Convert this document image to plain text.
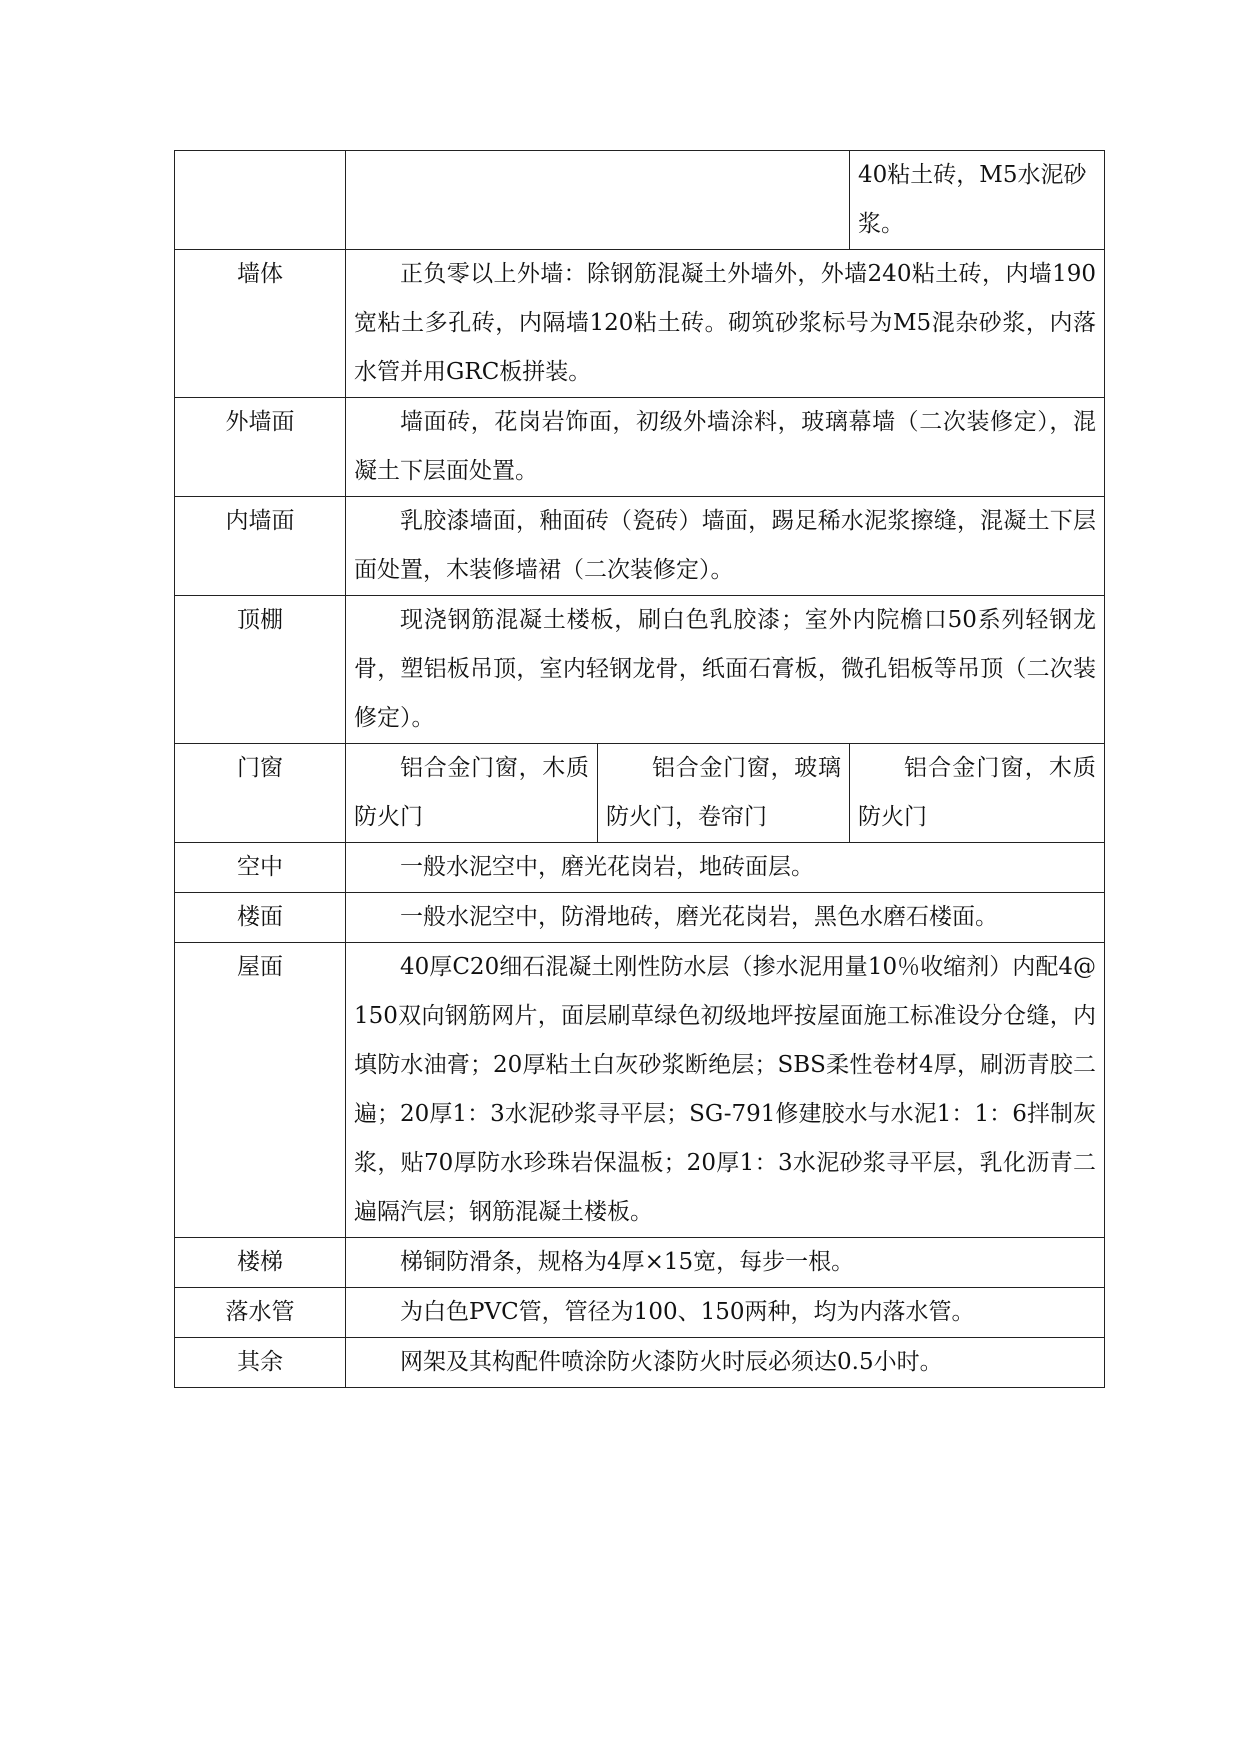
			40粘土砖，M5水泥砂浆。
墙体	正负零以上外墙：除钢筋混凝土外墙外，外墙240粘土砖，内墙190宽粘土多孔砖，内隔墙120粘土砖。砌筑砂浆标号为M5混杂砂浆，内落水管并用GRC板拼装。		
外墙面	墙面砖，花岗岩饰面，初级外墙涂料，玻璃幕墙（二次装修定），混凝土下层面处置。		
内墙面	乳胶漆墙面，釉面砖（瓷砖）墙面，踢足稀水泥浆擦缝，混凝土下层面处置，木装修墙裙（二次装修定）。		
顶棚	现浇钢筋混凝土楼板，刷白色乳胶漆；室外内院檐口50系列轻钢龙骨，塑铝板吊顶，室内轻钢龙骨，纸面石膏板，微孔铝板等吊顶（二次装修定）。		
门窗	铝合金门窗，木质防火门	铝合金门窗，玻璃防火门，卷帘门	铝合金门窗，木质防火门
空中	一般水泥空中，磨光花岗岩，地砖面层。		
楼面	一般水泥空中，防滑地砖，磨光花岗岩，黑色水磨石楼面。		
屋面	40厚C20细石混凝土刚性防水层（掺水泥用量10％收缩剂）内配4@150双向钢筋网片，面层刷草绿色初级地坪按屋面施工标准设分仓缝，内填防水油膏；20厚粘土白灰砂浆断绝层；SBS柔性卷材4厚，刷沥青胶二遍；20厚1：3水泥砂浆寻平层；SG-791修建胶水与水泥1：1：6拌制灰浆，贴70厚防水珍珠岩保温板；20厚1：3水泥砂浆寻平层，乳化沥青二遍隔汽层；钢筋混凝土楼板。		
楼梯	梯铜防滑条，规格为4厚×15宽，每步一根。		
落水管	为白色PVC管，管径为100、150两种，均为内落水管。		
其余	网架及其构配件喷涂防火漆防火时辰必须达0.5小时。		
